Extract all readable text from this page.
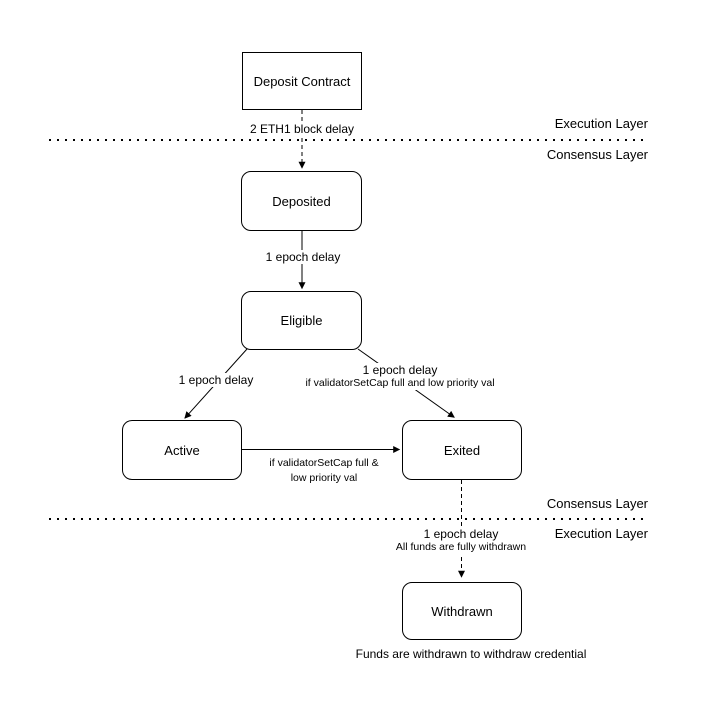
Execution Layer
Consensus Layer
Consensus Layer
Execution Layer
Deposit Contract
Deposited
Eligible
Active	Exited
Withdrawn
2 ETH1 block delay
1 epoch delay
1 epoch delay
1 epoch delay
if validatorSetCap full and low priority val
if validatorSetCap full &
low priority val
1 epoch delay
All funds are fully withdrawn
Funds are withdrawn to withdraw credential
